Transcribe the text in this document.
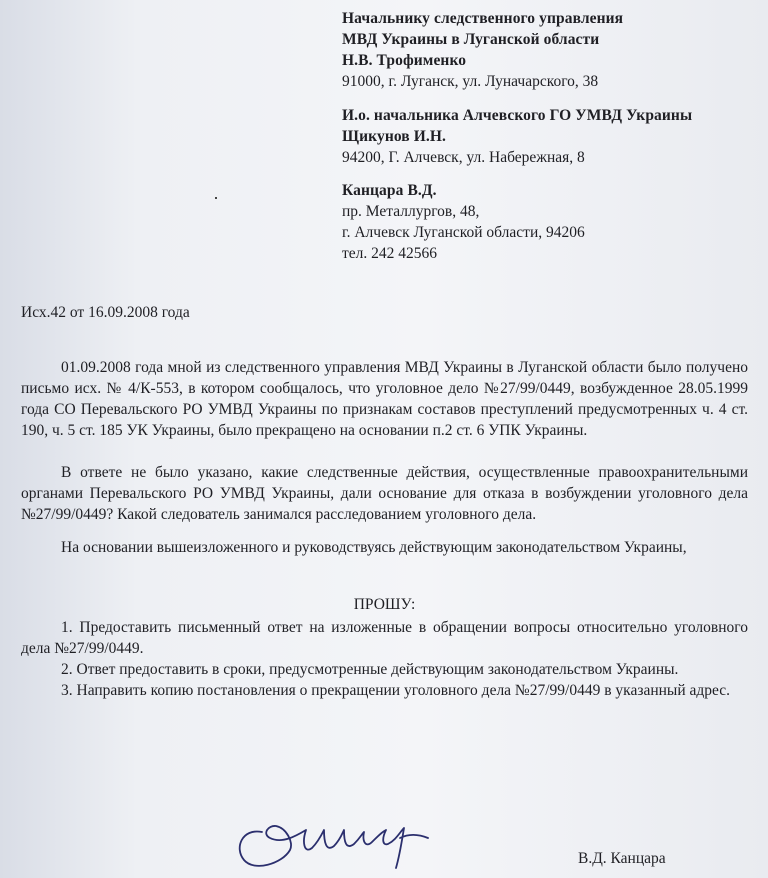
Начальнику следственного управления
МВД Украины в Луганской области
Н.В. Трофименко
91000, г. Луганск, ул. Луначарского, 38
И.о. начальника Алчевского ГО УМВД Украины
Щикунов И.Н.
94200, Г. Алчевск, ул. Набережная, 8
Канцара В.Д.
пр. Металлургов, 48,
г. Алчевск Луганской области, 94206
тел. 242 42566
Исх.42 от 16.09.2008 года

01.09.2008 года мной из следственного управления МВД Украины в Луганской области было получено письмо исх. № 4/К-553, в котором сообщалось, что уголовное дело №27/99/0449, возбужденное 28.05.1999 года СО Перевальского РО УМВД Украины по признакам составов преступлений предусмотренных ч. 4 ст. 190, ч. 5 ст. 185 УК Украины, было прекращено на основании п.2 ст. 6 УПК Украины.

В ответе не было указано, какие следственные действия, осуществленные правоохранительными органами Перевальского РО УМВД Украины, дали основание для отказа в возбуждении уголовного дела №27/99/0449? Какой следователь занимался расследованием уголовного дела.

На основании вышеизложенного и руководствуясь действующим законодательством Украины,

ПРОШУ:

1. Предоставить письменный ответ на изложенные в обращении вопросы относительно уголовного дела №27/99/0449.

2. Ответ предоставить в сроки, предусмотренные действующим законодательством Украины.

3. Направить копию постановления о прекращении уголовного дела №27/99/0449 в указанный адрес.

В.Д. Канцара
